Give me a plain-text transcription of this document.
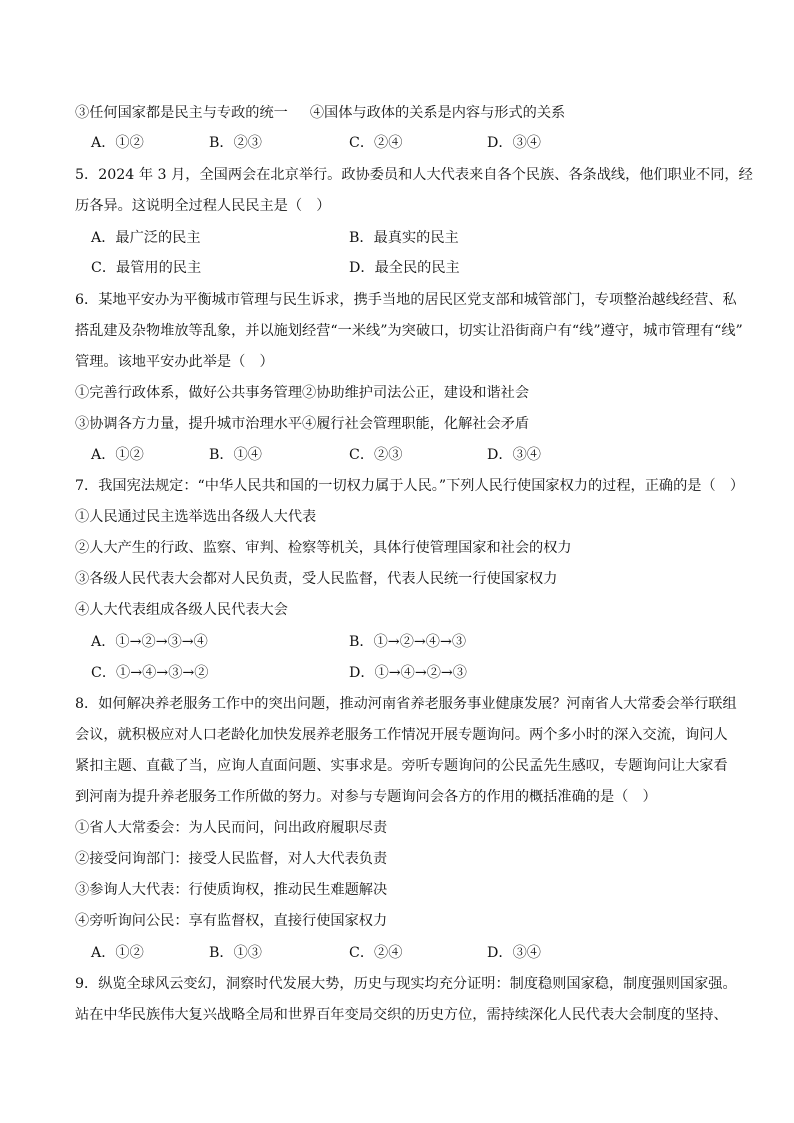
③任何国家都是民主与专政的统一 ④国体与政体的关系是内容与形式的关系
A．①②	B．②③	C．②④	D．③④
5．2024 年 3 月，全国两会在北京举行。政协委员和人大代表来自各个民族、各条战线，他们职业不同，经
历各异。这说明全过程人民民主是（　）
A．最广泛的民主	B．最真实的民主
C．最管用的民主	D．最全民的民主
6．某地平安办为平衡城市管理与民生诉求，携手当地的居民区党支部和城管部门，专项整治越线经营、私
搭乱建及杂物堆放等乱象，并以施划经营“一米线”为突破口，切实让沿街商户有“线”遵守，城市管理有“线”
管理。该地平安办此举是（　）
①完善行政体系，做好公共事务管理②协助维护司法公正，建设和谐社会
③协调各方力量，提升城市治理水平④履行社会管理职能，化解社会矛盾
A．①②	B．①④	C．②③	D．③④
7．我国宪法规定：“中华人民共和国的一切权力属于人民。”下列人民行使国家权力的过程，正确的是（　）
①人民通过民主选举选出各级人大代表
②人大产生的行政、监察、审判、检察等机关，具体行使管理国家和社会的权力
③各级人民代表大会都对人民负责，受人民监督，代表人民统一行使国家权力
④人大代表组成各级人民代表大会
A．①→②→③→④	B．①→②→④→③
C．①→④→③→②	D．①→④→②→③
8．如何解决养老服务工作中的突出问题，推动河南省养老服务事业健康发展？河南省人大常委会举行联组
会议，就积极应对人口老龄化加快发展养老服务工作情况开展专题询问。两个多小时的深入交流，询问人
紧扣主题、直截了当，应询人直面问题、实事求是。旁听专题询问的公民孟先生感叹，专题询问让大家看
到河南为提升养老服务工作所做的努力。对参与专题询问会各方的作用的概括准确的是（　）
①省人大常委会：为人民而问，问出政府履职尽责
②接受问询部门：接受人民监督，对人大代表负责
③参询人大代表：行使质询权，推动民生难题解决
④旁听询问公民：享有监督权，直接行使国家权力
A．①②	B．①③	C．②④	D．③④
9．纵览全球风云变幻，洞察时代发展大势，历史与现实均充分证明：制度稳则国家稳，制度强则国家强。
站在中华民族伟大复兴战略全局和世界百年变局交织的历史方位，需持续深化人民代表大会制度的坚持、
